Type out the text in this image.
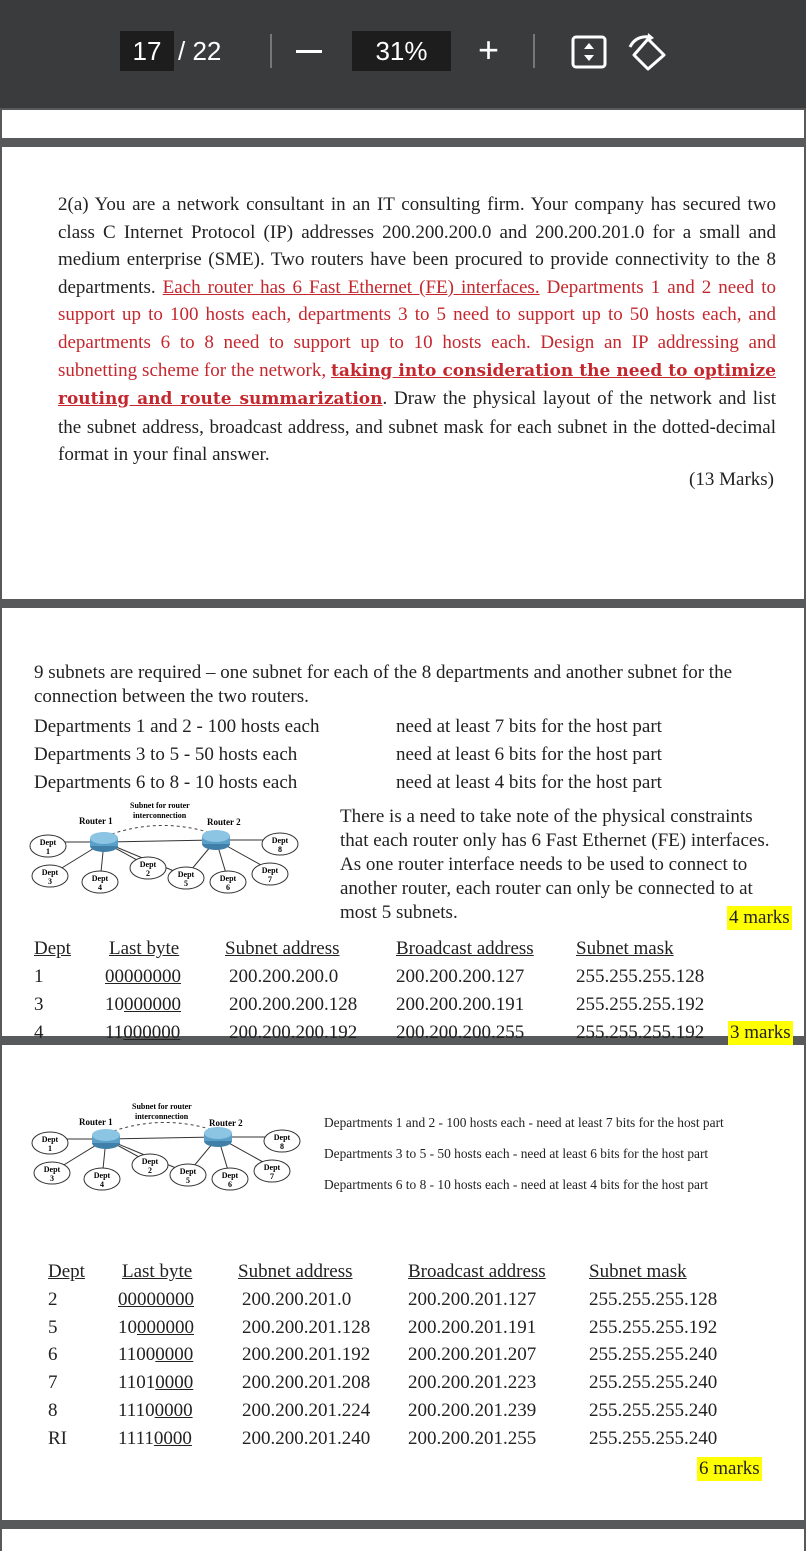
17 / 22	31%	+
2(a) You are a network consultant in an IT consulting firm. Your company has secured two class C Internet Protocol (IP) addresses 200.200.200.0 and 200.200.201.0 for a small and medium enterprise (SME). Two routers have been procured to provide connectivity to the 8 departments. Each router has 6 Fast Ethernet (FE) interfaces. Departments 1 and 2 need to support up to 100 hosts each, departments 3 to 5 need to support up to 50 hosts each, and departments 6 to 8 need to support up to 10 hosts each. Design an IP addressing and subnetting scheme for the network, taking into consideration the need to optimize routing and route summarization. Draw the physical layout of the network and list the subnet address, broadcast address, and subnet mask for each subnet in the dotted-decimal format in your final answer.
(13 Marks)
9 subnets are required – one subnet for each of the 8 departments and another subnet for the connection between the two routers.
Departments 1 and 2 - 100 hosts each	need at least 7 bits for the host part
Departments 3 to 5 - 50 hosts each	need at least 6 bits for the host part
Departments 6 to 8 - 10 hosts each	need at least 4 bits for the host part
Router 1	Router 2
Subnet for router
interconnection
Dept
1
Dept
3	Dept
4
Dept
2	Dept
5
Dept
6
Dept
7
Dept
8
There is a need to take note of the physical constraints that each router only has 6 Fast Ethernet (FE) interfaces. As one router interface needs to be used to connect to another router, each router can only be connected to at most 5 subnets.	4 marks
Dept Last byte Subnet address	Broadcast address Subnet mask
1	00000000	200.200.200.0	200.200.200.127	255.255.255.128
3	10000000	200.200.200.128 200.200.200.191	255.255.255.192
4	11000000	200.200.200.192 200.200.200.255	255.255.255.192 3 marks
Router 1	Router 2
Subnet for router
interconnection
Dept
1
Dept
3	Dept
4
Dept
2	Dept
5
Dept
6
Dept
7
Dept
8
Departments 1 and 2 - 100 hosts each - need at least 7 bits for the host part
Departments 3 to 5 - 50 hosts each - need at least 6 bits for the host part
Departments 6 to 8 - 10 hosts each - need at least 4 bits for the host part
Dept Last byte Subnet address	Broadcast address Subnet mask
2	00000000	200.200.201.0	200.200.201.127	255.255.255.128
5	10000000	200.200.201.128 200.200.201.191	255.255.255.192
6	11000000	200.200.201.192 200.200.201.207	255.255.255.240
7	11010000	200.200.201.208 200.200.201.223	255.255.255.240
8	11100000	200.200.201.224 200.200.201.239	255.255.255.240
RI	11110000	200.200.201.240 200.200.201.255	255.255.255.240
6 marks
